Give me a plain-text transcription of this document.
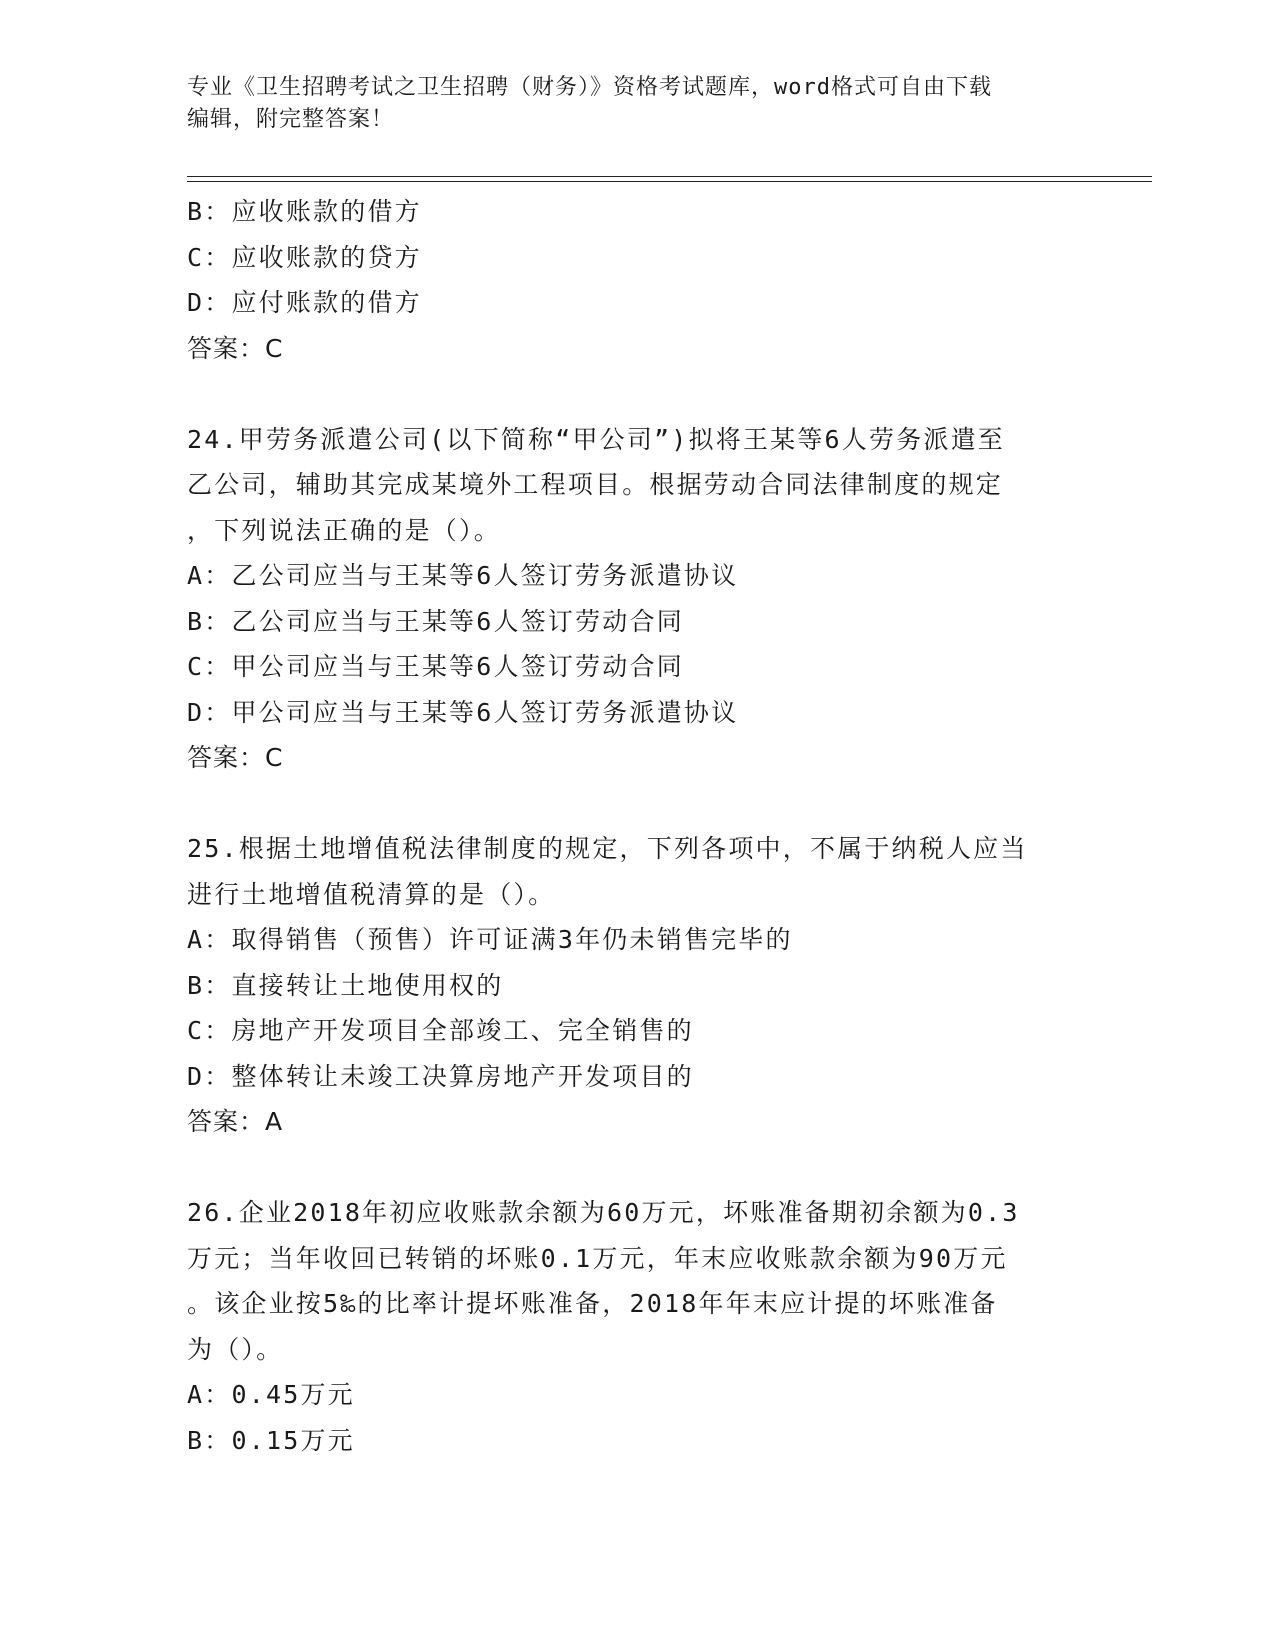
专业《卫生招聘考试之卫生招聘（财务）》资格考试题库，word格式可自由下载
编辑，附完整答案！
B：应收账款的借方
C：应收账款的贷方
D：应付账款的借方
答案：C
24.甲劳务派遣公司(以下简称“甲公司”)拟将王某等6人劳务派遣至
乙公司，辅助其完成某境外工程项目。根据劳动合同法律制度的规定
，下列说法正确的是（）。
A：乙公司应当与王某等6人签订劳务派遣协议
B：乙公司应当与王某等6人签订劳动合同
C：甲公司应当与王某等6人签订劳动合同
D：甲公司应当与王某等6人签订劳务派遣协议
答案：C
25.根据土地增值税法律制度的规定，下列各项中，不属于纳税人应当
进行土地增值税清算的是（）。
A：取得销售（预售）许可证满3年仍未销售完毕的
B：直接转让土地使用权的
C：房地产开发项目全部竣工、完全销售的
D：整体转让未竣工决算房地产开发项目的
答案：A
26.企业2018年初应收账款余额为60万元，坏账准备期初余额为0.3
万元；当年收回已转销的坏账0.1万元，年末应收账款余额为90万元
。该企业按5‰的比率计提坏账准备，2018年年末应计提的坏账准备
为（）。
A：0.45万元
B：0.15万元
